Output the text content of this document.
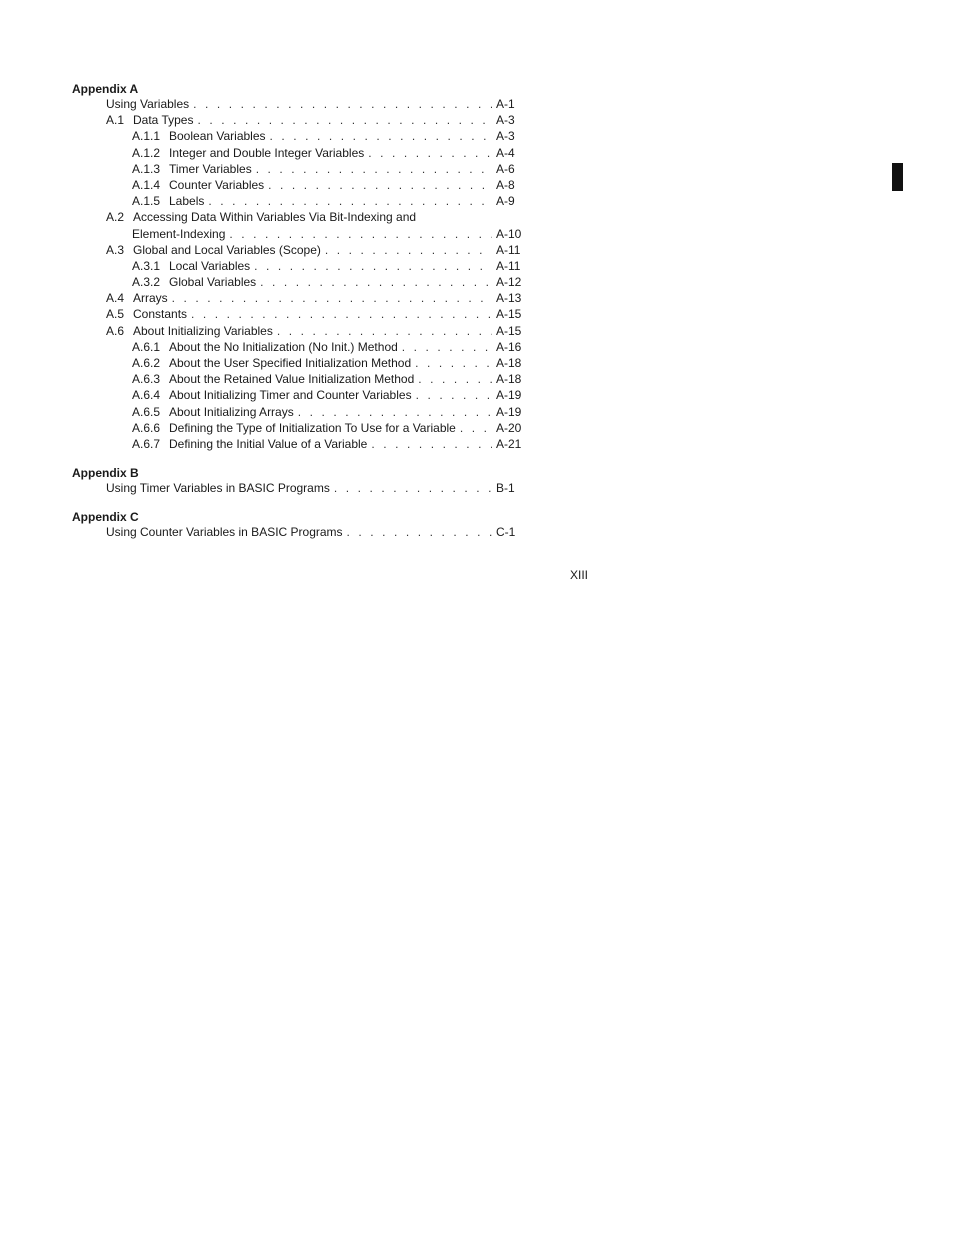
Appendix A
Using Variables . . .	A-1
A.1 Data Types . . .	A-3
A.1.1 Boolean Variables . . .	A-3
A.1.2 Integer and Double Integer Variables . . .	A-4
A.1.3 Timer Variables . . .	A-6
A.1.4 Counter Variables . . .	A-8
A.1.5 Labels . . .	A-9
A.2 Accessing Data Within Variables Via Bit-Indexing and
Element-Indexing . . .	A-10
A.3 Global and Local Variables (Scope) . . .	A-11
A.3.1 Local Variables . . .	A-11
A.3.2 Global Variables . . .	A-12
A.4 Arrays . . .	A-13
A.5 Constants . . .	A-15
A.6 About Initializing Variables . . .	A-15
A.6.1 About the No Initialization (No Init.) Method . . .	A-16
A.6.2 About the User Specified Initialization Method . . .	A-18
A.6.3 About the Retained Value Initialization Method . . .	A-18
A.6.4 About Initializing Timer and Counter Variables . . .	A-19
A.6.5 About Initializing Arrays . . .	A-19
A.6.6 Defining the Type of Initialization To Use for a Variable . . .	A-20
A.6.7 Defining the Initial Value of a Variable . . .	A-21
Appendix B
Using Timer Variables in BASIC Programs . . .	B-1
Appendix C
Using Counter Variables in BASIC Programs . . .	C-1
XIII
